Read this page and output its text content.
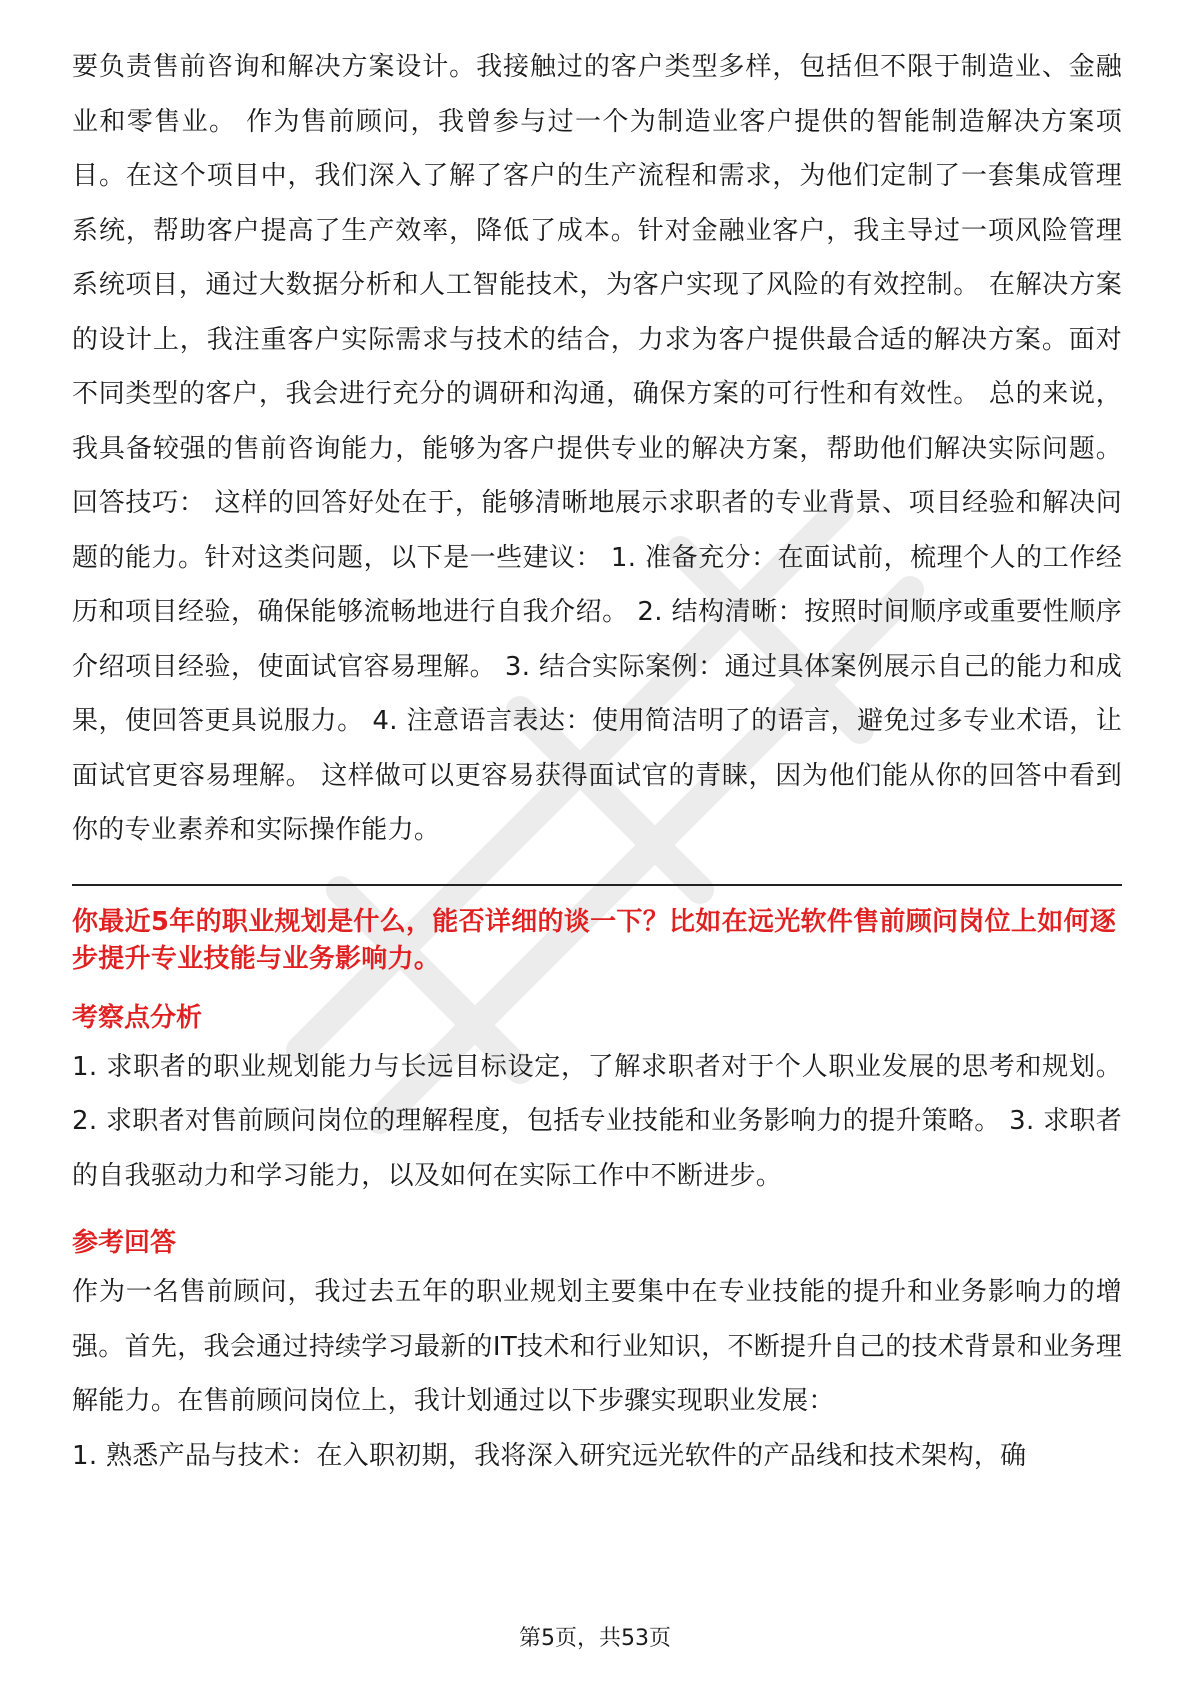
要负责售前咨询和解决方案设计。我接触过的客户类型多样，包括但不限于制造业、金融业和零售业。 作为售前顾问，我曾参与过一个为制造业客户提供的智能制造解决方案项目。在这个项目中，我们深入了解了客户的生产流程和需求，为他们定制了一套集成管理系统，帮助客户提高了生产效率，降低了成本。针对金融业客户，我主导过一项风险管理系统项目，通过大数据分析和人工智能技术，为客户实现了风险的有效控制。 在解决方案的设计上，我注重客户实际需求与技术的结合，力求为客户提供最合适的解决方案。面对不同类型的客户，我会进行充分的调研和沟通，确保方案的可行性和有效性。 总的来说，我具备较强的售前咨询能力，能够为客户提供专业的解决方案，帮助他们解决实际问题。 回答技巧： 这样的回答好处在于，能够清晰地展示求职者的专业背景、项目经验和解决问题的能力。针对这类问题，以下是一些建议： 1. 准备充分：在面试前，梳理个人的工作经历和项目经验，确保能够流畅地进行自我介绍。 2. 结构清晰：按照时间顺序或重要性顺序介绍项目经验，使面试官容易理解。 3. 结合实际案例：通过具体案例展示自己的能力和成果，使回答更具说服力。 4. 注意语言表达：使用简洁明了的语言，避免过多专业术语，让面试官更容易理解。 这样做可以更容易获得面试官的青睐，因为他们能从你的回答中看到你的专业素养和实际操作能力。

你最近5年的职业规划是什么，能否详细的谈一下？比如在远光软件售前顾问岗位上如何逐步提升专业技能与业务影响力。

考察点分析

1. 求职者的职业规划能力与长远目标设定，了解求职者对于个人职业发展的思考和规划。 2. 求职者对售前顾问岗位的理解程度，包括专业技能和业务影响力的提升策略。 3. 求职者的自我驱动力和学习能力，以及如何在实际工作中不断进步。

参考回答

作为一名售前顾问，我过去五年的职业规划主要集中在专业技能的提升和业务影响力的增强。首先，我会通过持续学习最新的IT技术和行业知识，不断提升自己的技术背景和业务理解能力。在售前顾问岗位上，我计划通过以下步骤实现职业发展：

1. 熟悉产品与技术：在入职初期，我将深入研究远光软件的产品线和技术架构，确

第5页，共53页
